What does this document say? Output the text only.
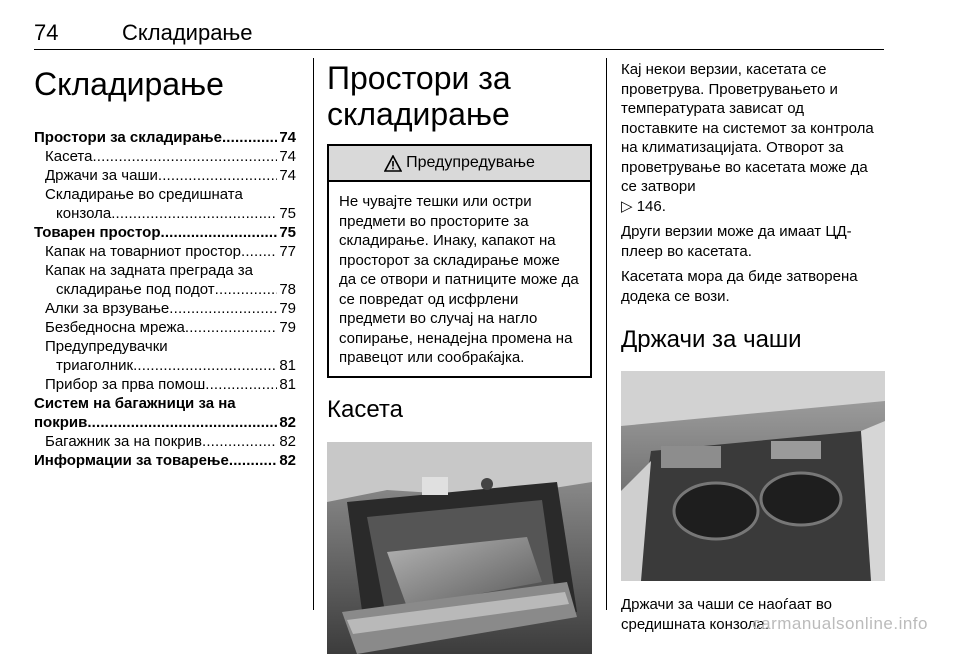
74	Складирање
Складирање
Простори за складирање . . .	74
Касета . . .	74
Држачи за чаши . . .	74
Складирање во средишната
конзола . . .	75
Товарен простор . . .	75
Капак на товарниот простор . . .	77
Капак на задната преграда за
складирање под подот . . .	78
Алки за врзување . . .	79
Безбедносна мрежа . . .	79
Предупредувачки
триаголник . . .	81
Прибор за прва помош . . .	81
Систем на багажници за на
покрив . . .	82
Багажник за на покрив . . .	82
Информации за товарење . . .	82
Простори за складирање
Предупредување
Не чувајте тешки или остри предмети во просторите за складирање. Инаку, капакот на просторот за складирање може да се отвори и патниците може да се повредат од исфрлени предмети во случај на нагло сопирање, ненадејна промена на правецот или сообраќајка.
Касета

Кај некои верзии, касетата се проветрува. Проветрувањето и температурата зависат од поставките на системот за контрола на климатизацијата. Отворот за проветрување во касетата може да се затвори
▷ 146.

Други верзии може да имаат ЦД-плеер во касетата.

Касетата мора да биде затворена додека се вози.

Држачи за чаши

Држачи за чаши се наоѓаат во средишната конзола.

carmanualsonline.info
